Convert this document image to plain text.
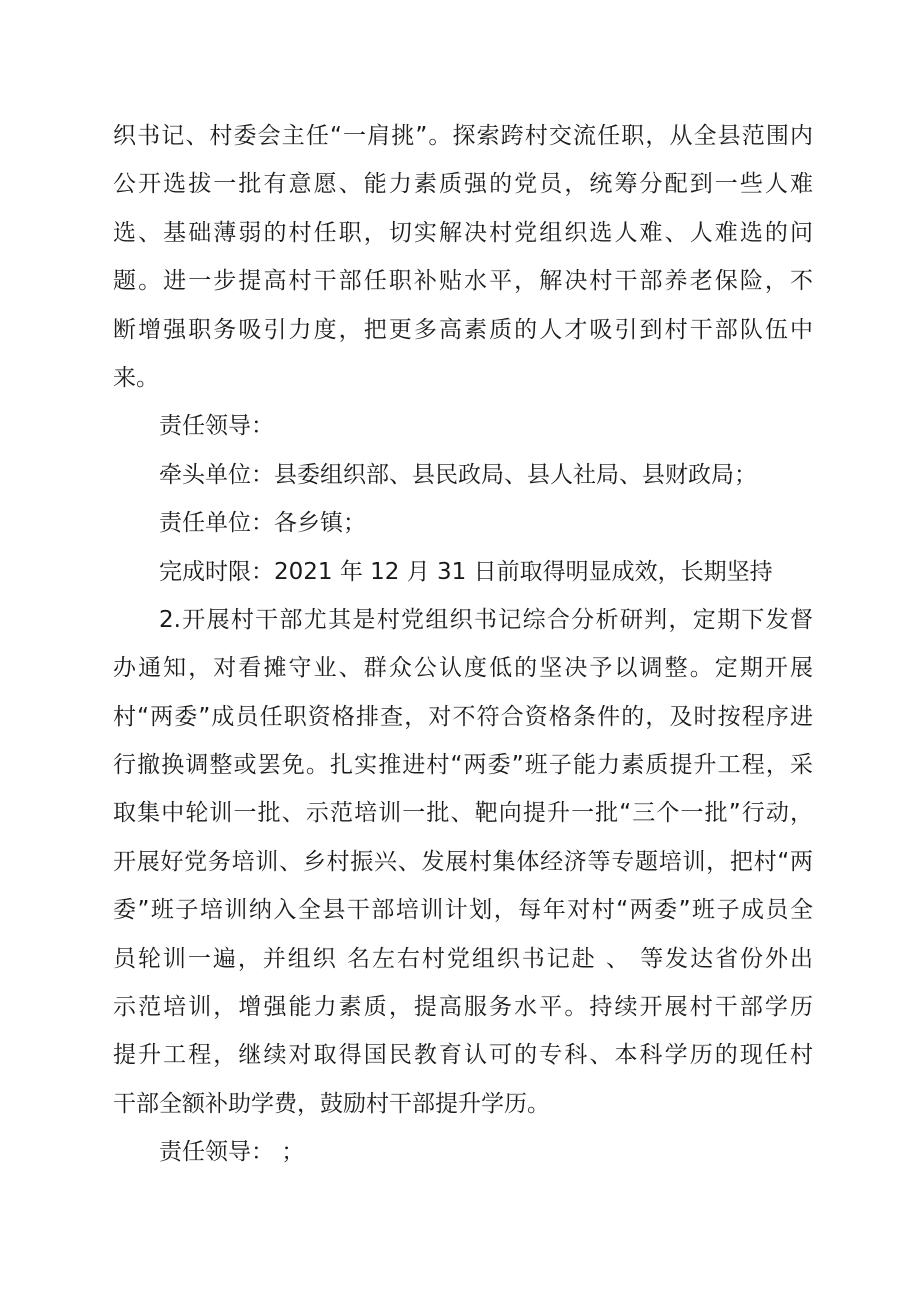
织书记、村委会主任“一肩挑”。探索跨村交流任职，从全县范围内
公开选拔一批有意愿、能力素质强的党员，统筹分配到一些人难
选、基础薄弱的村任职，切实解决村党组织选人难、人难选的问
题。进一步提高村干部任职补贴水平，解决村干部养老保险，不
断增强职务吸引力度，把更多高素质的人才吸引到村干部队伍中
来。
责任领导：
牵头单位：县委组织部、县民政局、县人社局、县财政局；
责任单位：各乡镇；
完成时限：2021 年 12 月 31 日前取得明显成效，长期坚持
2.开展村干部尤其是村党组织书记综合分析研判，定期下发督
办通知，对看摊守业、群众公认度低的坚决予以调整。定期开展
村“两委”成员任职资格排查，对不符合资格条件的，及时按程序进
行撤换调整或罢免。扎实推进村“两委”班子能力素质提升工程，采
取集中轮训一批、示范培训一批、靶向提升一批“三个一批”行动，
开展好党务培训、乡村振兴、发展村集体经济等专题培训，把村“两
委”班子培训纳入全县干部培训计划，每年对村“两委”班子成员全
员轮训一遍，并组织 名左右村党组织书记赴 、 等发达省份外出
示范培训，增强能力素质，提高服务水平。持续开展村干部学历
提升工程，继续对取得国民教育认可的专科、本科学历的现任村
干部全额补助学费，鼓励村干部提升学历。
责任领导： ；
